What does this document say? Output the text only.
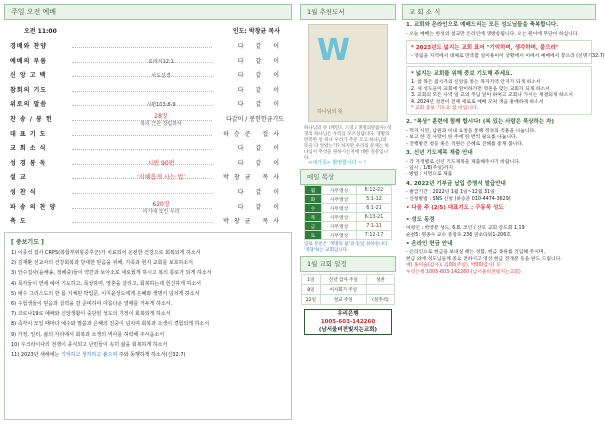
주일 오전 예배
오전 11:00	인도: 박창균 목사
경배와 찬양	다 같 이
예배의 부름	로마서12:1	다 같 이
신 앙 고 백	사도신경	다 같 이
참회의 기도	다 같 이
위로의 말씀	시편103:8-9	다 같 이
찬 송 / 봉 헌	28장
복의 근원 강림하사
다같이 / 봉헌헌금기도
대 표 기 도	하승준 집사
교 회 소 식	다 같 이
성 경 봉 독	시편 90편	다 같 이
설 교	'지혜롭게 사는 법'	박창균 목사
성 찬 식	다 같 이
파 송 의 찬 양	620장
여기에 모인 우리
다 같 이
축 도	박창균 목사
[ 중보기도 ]
1) 이종석 집사 CRPS(복합부위통증후군)가 치료되어 온전한 건강으로 회복되게 하소서
2) 김재환 선교사의 건강회복과 당대한 믿음을 위해, 가족과 현지 교회를 보호하소서
3) 안수집사(윤해송, 정해중)들이 약간과 보아소로 새로웠게 하시고 복의 통로가 되게 하소서
4) 목자들이 연세 예어 기도하고, 목상하며, 영혼을 살리고, 회복하는데 헌신하게 하소서
5) 예수 그리스도의 한 몸 지체된 박입준, 이지윤성도에게 은혜와 생명이 넘치게 하소서
6) 수험생들이 믿음과 실력을 잘 준비하여 아름다운 열매를 거두게 하소서.
7) 코로나19로 예배와 신앙생활이 중단된 성도의 기정이 회복되게 하소서
8) 즉각이 모일 때마다 예수와 말씀과 은혜의 진중이 넘치며 회복과 소생이 경험되게 하소서
9) 가정, 일터, 삶의 자리에서 회복과 소생의 역사를 허락해 주시옵소서
10) 우크라이나의 전쟁이 종식되고 난민들이 속히 삶을 회복하게 하소서
11) 2023년 새해에는 기억하고 생각하고 붙으며 주와 동행하게 하소서(신32:7)
1월 추천도서
W
하나님의 뜻
하나님의 뜻 (케빈드 드영 / 생명의말씀사) 성경의 하나님은 우리를 모르셨답니다. 생활의 반복한 일 하나 우리가 주문 오고 하나님의 뜻을 다 알았는가? 하지만 우리의 문제는 하나님이 무엇을 원하시는지에 대한 질문입니다.
<세가족> 환영합니다 ~ !
매일 복상
월	사무엘상	6:12-22
화	사무엘상	5:1-12
수	사무엘상	6:1-21
목	사무엘상	6:13-21
금	사무엘상	7:1-11
토	사무엘상	7:12-17
일로 본문은 '생명의 삶'과 동일 성하실니다. '적당'하는 교회입니다.
1월 교회 일정
1일	신년 감사 주일	성찬
8일	이사회기 주일	
22일	설교 주일	(설추석)
우리은행
1005-603-142260
(남서울비전빛지는교회)
교 회 소 식
1. 교회와 온라인으로 예배드리는 모든 성도님들을 축복합니다.
- 오늘 예배는 한성의 설교만 온라인에 생방송됩니다. 오는 원이에 무단이 하십니다.
* 2023년도 넓지는 교회 표어 "기억하며, 생각하며, 붙으라"
- 영잃을 지역에서 대체로 만족할 일이용이어 상황에서 이에서 예배에서 봉으라 (신명기32:7)
* 넓지는 교회를 위해 중보 기도해 주세요.
1. 참 목은 집사가의 신앙을 통는 목자지역 안지가 되게 하소서
2. 새 성도들이 교회에 알이하가면 영혼을 맞는 교회가 되게 하소서
3. 교회의 모든 사역 일 교의 주님 앞이 하며고 교회나 가시는 재결되게 하소서
4. 2024년 성전이 전체 세로로 예배 모처 생음 홍배하게 하소서
* 교회 중보 기도요 참 바입니다.
2. "복상" 훈련에 함께 합시다! (복 있는 사람은 묵상하는 자)
- 먹지 시민, 남원과 이내 요청을 통해 정성의 적용을 나눕니다.
- 보고 한 진 사랑이 한 주에 한 번씩 필요를 나눕니다.
- 진행방건 청등 혹은 격원은 은혜로 진해를 좋게 봅니다.
3. 신년 기도제목 제출 안내
- 각 가정별로 신년 기도제목을 제출해주시기 바랍니다.
· 일시 : 1/8(주일)까지
· 방법 : 서면으로 제출
4. 2022년 기부금 납입 증명서 발급안내
- 발급기간 : 2022년 1월 1일~12월 31일
- 신청방법 : SNS 신청 (하승준 010-4474-3629)
• 다음 주 (2/5) 대표기도 : 구동욱 성도
• 성도 동정
이청인 : 박영분 성도, 6.8, 코인 / 산모 교회 강도회 1.19
순천5: 명종수 교수 중장포 236 연초타워1-206호
• 온라인 헌금 안내
- 온라인으로 헌금을 보내실 때는 성함, 헌금 종류를 기입해 주시며,
헌금 외에 성도님들께 중요 전하시고 영상 헌금 전개분 등을 판도 드립니다.
예) 홍이슬(감사), 김00(주일), 박00(감사) 등
우리은행 1005-603-142260 (남서울비전빛지는교회)
